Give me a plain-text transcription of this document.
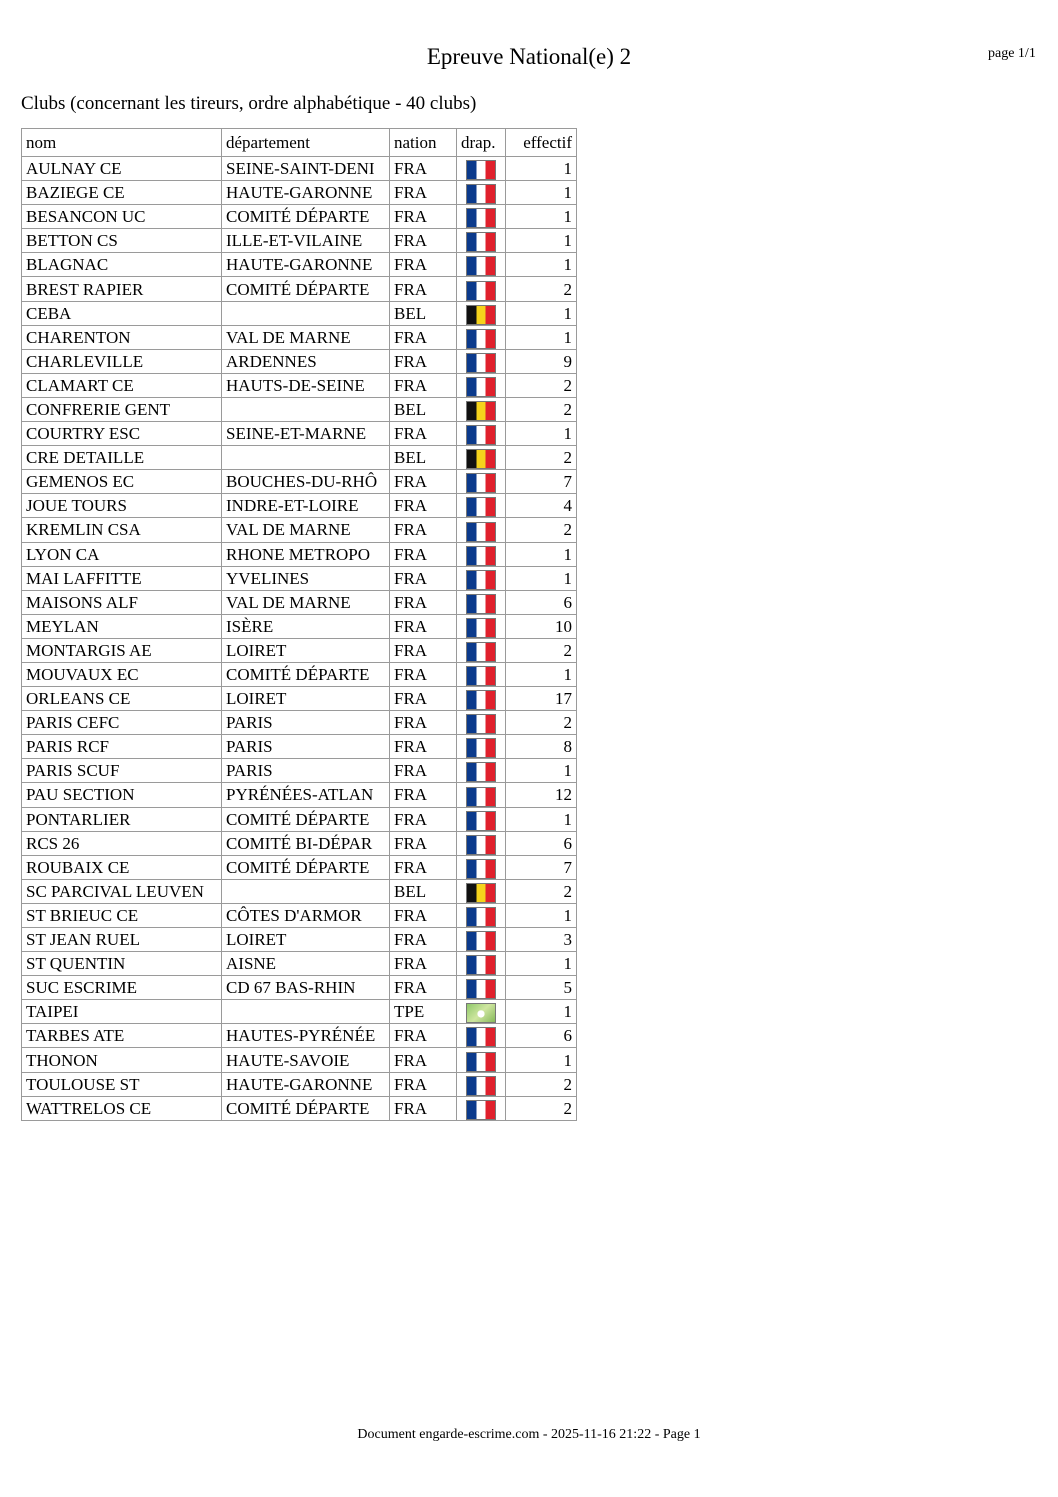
Epreuve National(e) 2	page 1/1
Clubs (concernant les tireurs, ordre alphabétique - 40 clubs)
nom	département	nation	drap.	effectif
AULNAY CE	SEINE-SAINT-DENI	FRA		1
BAZIEGE CE	HAUTE-GARONNE	FRA		1
BESANCON UC	COMITÉ DÉPARTE	FRA		1
BETTON CS	ILLE-ET-VILAINE	FRA		1
BLAGNAC	HAUTE-GARONNE	FRA		1
BREST RAPIER	COMITÉ DÉPARTE	FRA		2
CEBA		BEL		1
CHARENTON	VAL DE MARNE	FRA		1
CHARLEVILLE	ARDENNES	FRA		9
CLAMART CE	HAUTS-DE-SEINE	FRA		2
CONFRERIE GENT		BEL		2
COURTRY ESC	SEINE-ET-MARNE	FRA		1
CRE DETAILLE		BEL		2
GEMENOS EC	BOUCHES-DU-RHÔ	FRA		7
JOUE TOURS	INDRE-ET-LOIRE	FRA		4
KREMLIN CSA	VAL DE MARNE	FRA		2
LYON CA	RHONE METROPO	FRA		1
MAI LAFFITTE	YVELINES	FRA		1
MAISONS ALF	VAL DE MARNE	FRA		6
MEYLAN	ISÈRE	FRA		10
MONTARGIS AE	LOIRET	FRA		2
MOUVAUX EC	COMITÉ DÉPARTE	FRA		1
ORLEANS CE	LOIRET	FRA		17
PARIS CEFC	PARIS	FRA		2
PARIS RCF	PARIS	FRA		8
PARIS SCUF	PARIS	FRA		1
PAU SECTION	PYRÉNÉES-ATLAN	FRA		12
PONTARLIER	COMITÉ DÉPARTE	FRA		1
RCS 26	COMITÉ BI-DÉPAR	FRA		6
ROUBAIX CE	COMITÉ DÉPARTE	FRA		7
SC PARCIVAL LEUVEN		BEL		2
ST BRIEUC CE	CÔTES D'ARMOR	FRA		1
ST JEAN RUEL	LOIRET	FRA		3
ST QUENTIN	AISNE	FRA		1
SUC ESCRIME	CD 67 BAS-RHIN	FRA		5
TAIPEI		TPE		1
TARBES ATE	HAUTES-PYRÉNÉE	FRA		6
THONON	HAUTE-SAVOIE	FRA		1
TOULOUSE ST	HAUTE-GARONNE	FRA		2
WATTRELOS CE	COMITÉ DÉPARTE	FRA		2
Document engarde-escrime.com - 2025-11-16 21:22 - Page 1
